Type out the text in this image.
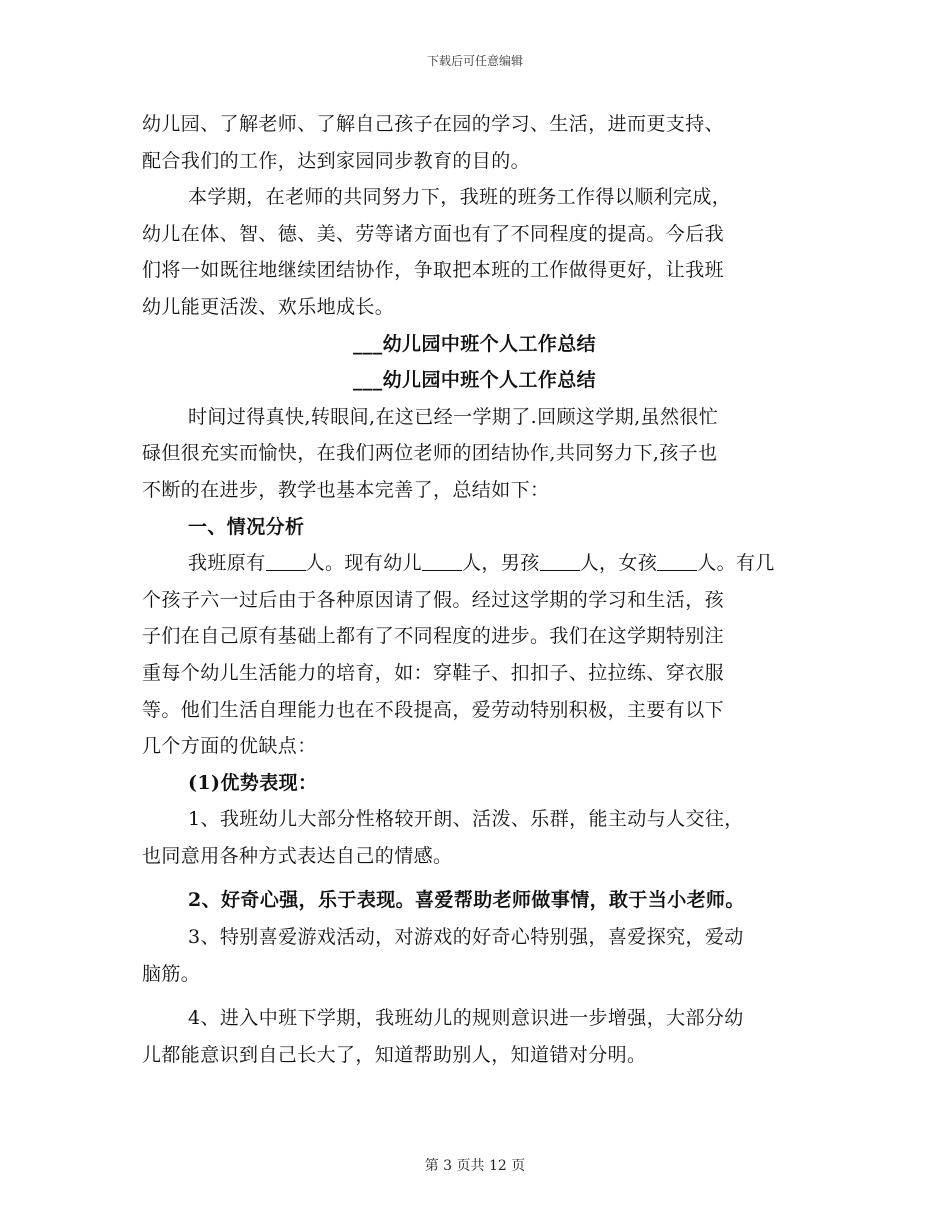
下载后可任意编辑
幼儿园、了解老师、了解自己孩子在园的学习、生活，进而更支持、
配合我们的工作，达到家园同步教育的目的。
本学期，在老师的共同努力下，我班的班务工作得以顺利完成，
幼儿在体、智、德、美、劳等诸方面也有了不同程度的提高。今后我
们将一如既往地继续团结协作，争取把本班的工作做得更好，让我班
幼儿能更活泼、欢乐地成长。
___幼儿园中班个人工作总结
___幼儿园中班个人工作总结
时间过得真快,转眼间,在这已经一学期了.回顾这学期,虽然很忙
碌但很充实而愉快，在我们两位老师的团结协作,共同努力下,孩子也
不断的在进步，教学也基本完善了，总结如下：
一、情况分析
我班原有 人。现有幼儿 人，男孩 人，女孩 人。有几
个孩子六一过后由于各种原因请了假。经过这学期的学习和生活，孩
子们在自己原有基础上都有了不同程度的进步。我们在这学期特别注
重每个幼儿生活能力的培育，如：穿鞋子、扣扣子、拉拉练、穿衣服
等。他们生活自理能力也在不段提高，爱劳动特别积极，主要有以下
几个方面的优缺点：
(1)优势表现：
1、我班幼儿大部分性格较开朗、活泼、乐群，能主动与人交往，
也同意用各种方式表达自己的情感。
2、好奇心强，乐于表现。喜爱帮助老师做事情，敢于当小老师。
3、特别喜爱游戏活动，对游戏的好奇心特别强，喜爱探究，爱动
脑筋。
4、进入中班下学期，我班幼儿的规则意识进一步增强，大部分幼
儿都能意识到自己长大了，知道帮助别人，知道错对分明。
第 3 页共 12 页
